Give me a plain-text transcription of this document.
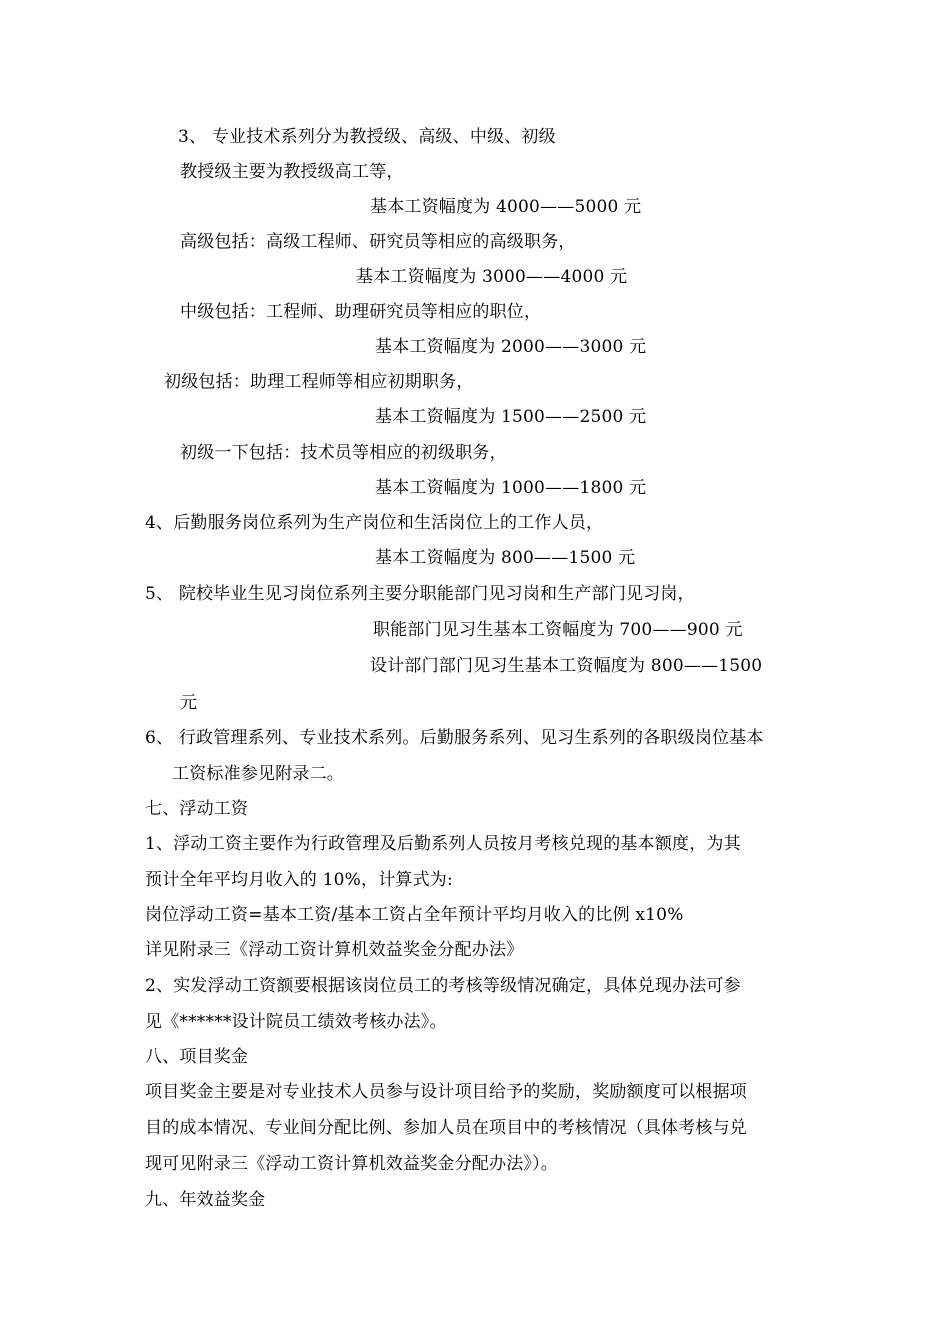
3、 专业技术系列分为教授级、高级、中级、初级
教授级主要为教授级高工等，
基本工资幅度为 4000——5000 元
高级包括：高级工程师、研究员等相应的高级职务，
基本工资幅度为 3000——4000 元
中级包括：工程师、助理研究员等相应的职位，
基本工资幅度为 2000——3000 元
初级包括：助理工程师等相应初期职务，
基本工资幅度为 1500——2500 元
初级一下包括：技术员等相应的初级职务，
基本工资幅度为 1000——1800 元
4、后勤服务岗位系列为生产岗位和生活岗位上的工作人员，
基本工资幅度为 800——1500 元
5、 院校毕业生见习岗位系列主要分职能部门见习岗和生产部门见习岗，
职能部门见习生基本工资幅度为 700——900 元
设计部门部门见习生基本工资幅度为 800——1500
元
6、 行政管理系列、专业技术系列。后勤服务系列、见习生系列的各职级岗位基本
工资标准参见附录二。
七、浮动工资
1、浮动工资主要作为行政管理及后勤系列人员按月考核兑现的基本额度，为其
预计全年平均月收入的 10%，计算式为:
岗位浮动工资=基本工资/基本工资占全年预计平均月收入的比例 x10%
详见附录三《浮动工资计算机效益奖金分配办法》
2、实发浮动工资额要根据该岗位员工的考核等级情况确定，具体兑现办法可参
见《******设计院员工绩效考核办法》。
八、项目奖金
项目奖金主要是对专业技术人员参与设计项目给予的奖励，奖励额度可以根据项
目的成本情况、专业间分配比例、参加人员在项目中的考核情况（具体考核与兑
现可见附录三《浮动工资计算机效益奖金分配办法》）。
九、年效益奖金
